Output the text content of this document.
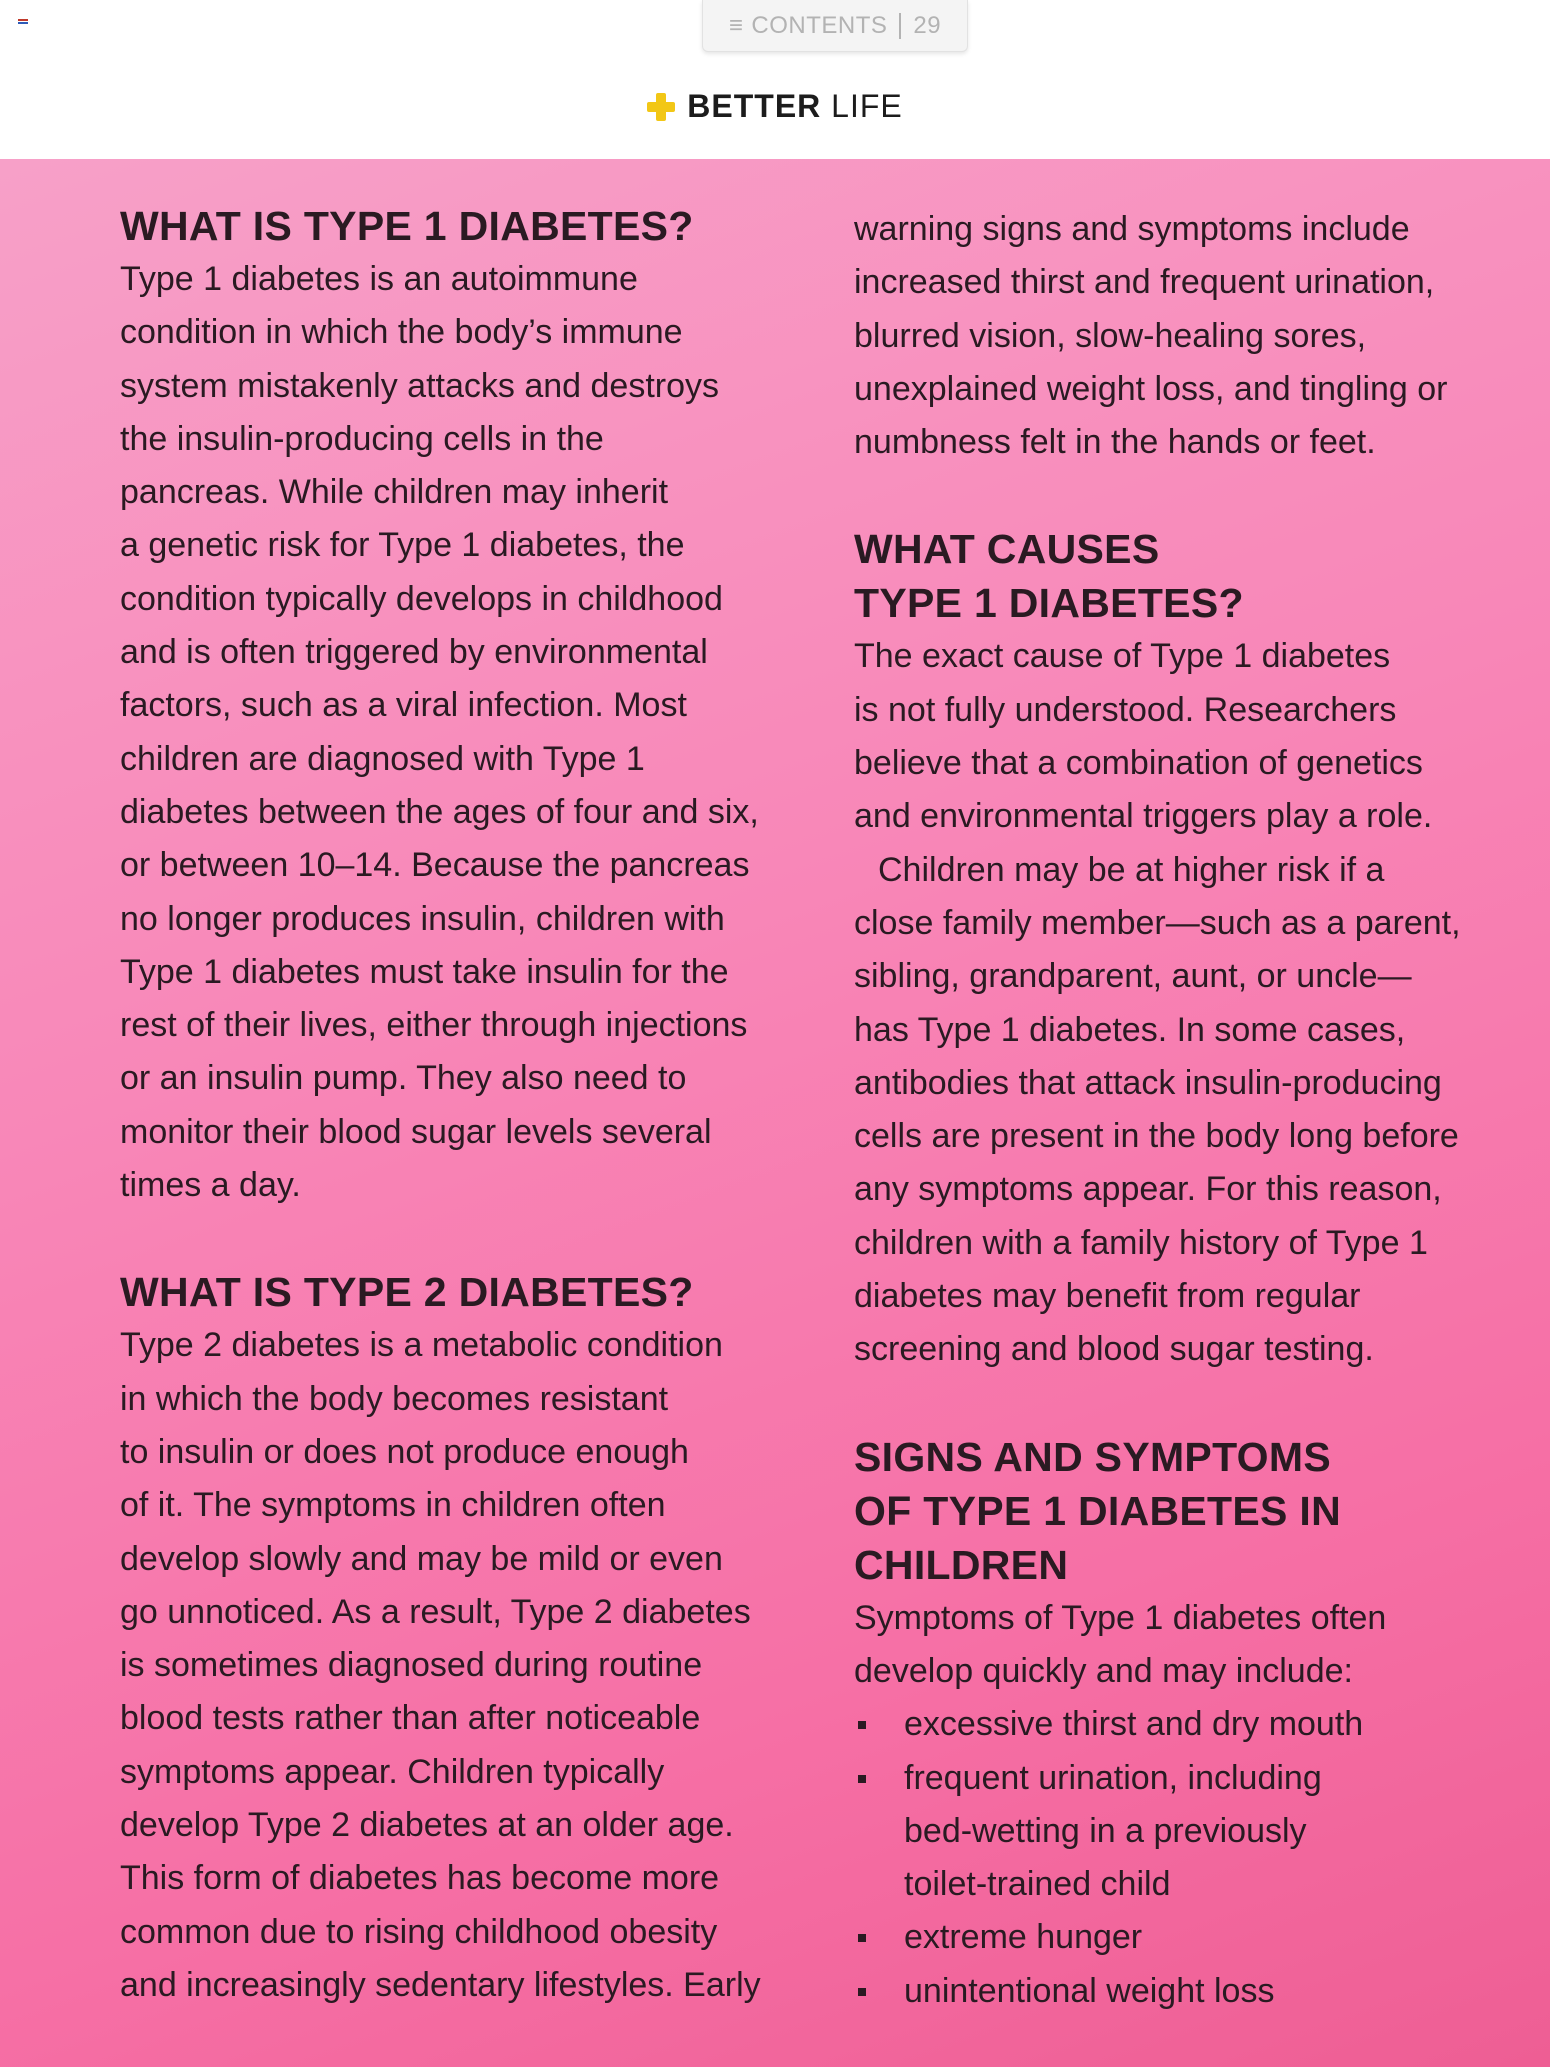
≡ CONTENTS 29
BETTER LIFE
WHAT IS TYPE 1 DIABETES?

Type 1 diabetes is an autoimmune
condition in which the body’s immune
system mistakenly attacks and destroys
the insulin-producing cells in the
pancreas. While children may inherit
a genetic risk for Type 1 diabetes, the
condition typically develops in childhood
and is often triggered by environmental
factors, such as a viral infection. Most
children are diagnosed with Type 1
diabetes between the ages of four and six,
or between 10–14. Because the pancreas
no longer produces insulin, children with
Type 1 diabetes must take insulin for the
rest of their lives, either through injections
or an insulin pump. They also need to
monitor their blood sugar levels several
times a day.

WHAT IS TYPE 2 DIABETES?

Type 2 diabetes is a metabolic condition
in which the body becomes resistant
to insulin or does not produce enough
of it. The symptoms in children often
develop slowly and may be mild or even
go unnoticed. As a result, Type 2 diabetes
is sometimes diagnosed during routine
blood tests rather than after noticeable
symptoms appear. Children typically
develop Type 2 diabetes at an older age.
This form of diabetes has become more
common due to rising childhood obesity
and increasingly sedentary lifestyles. Early

warning signs and symptoms include
increased thirst and frequent urination,
blurred vision, slow-healing sores,
unexplained weight loss, and tingling or
numbness felt in the hands or feet.

WHAT CAUSES
TYPE 1 DIABETES?

The exact cause of Type 1 diabetes
is not fully understood. Researchers
believe that a combination of genetics
and environmental triggers play a role.

Children may be at higher risk if a
close family member—such as a parent,
sibling, grandparent, aunt, or uncle—
has Type 1 diabetes. In some cases,
antibodies that attack insulin-producing
cells are present in the body long before
any symptoms appear. For this reason,
children with a family history of Type 1
diabetes may benefit from regular
screening and blood sugar testing.

SIGNS AND SYMPTOMS
OF TYPE 1 DIABETES IN
CHILDREN

Symptoms of Type 1 diabetes often
develop quickly and may include:

excessive thirst and dry mouth
frequent urination, including
bed-wetting in a previously
toilet-trained child
extreme hunger
unintentional weight loss
